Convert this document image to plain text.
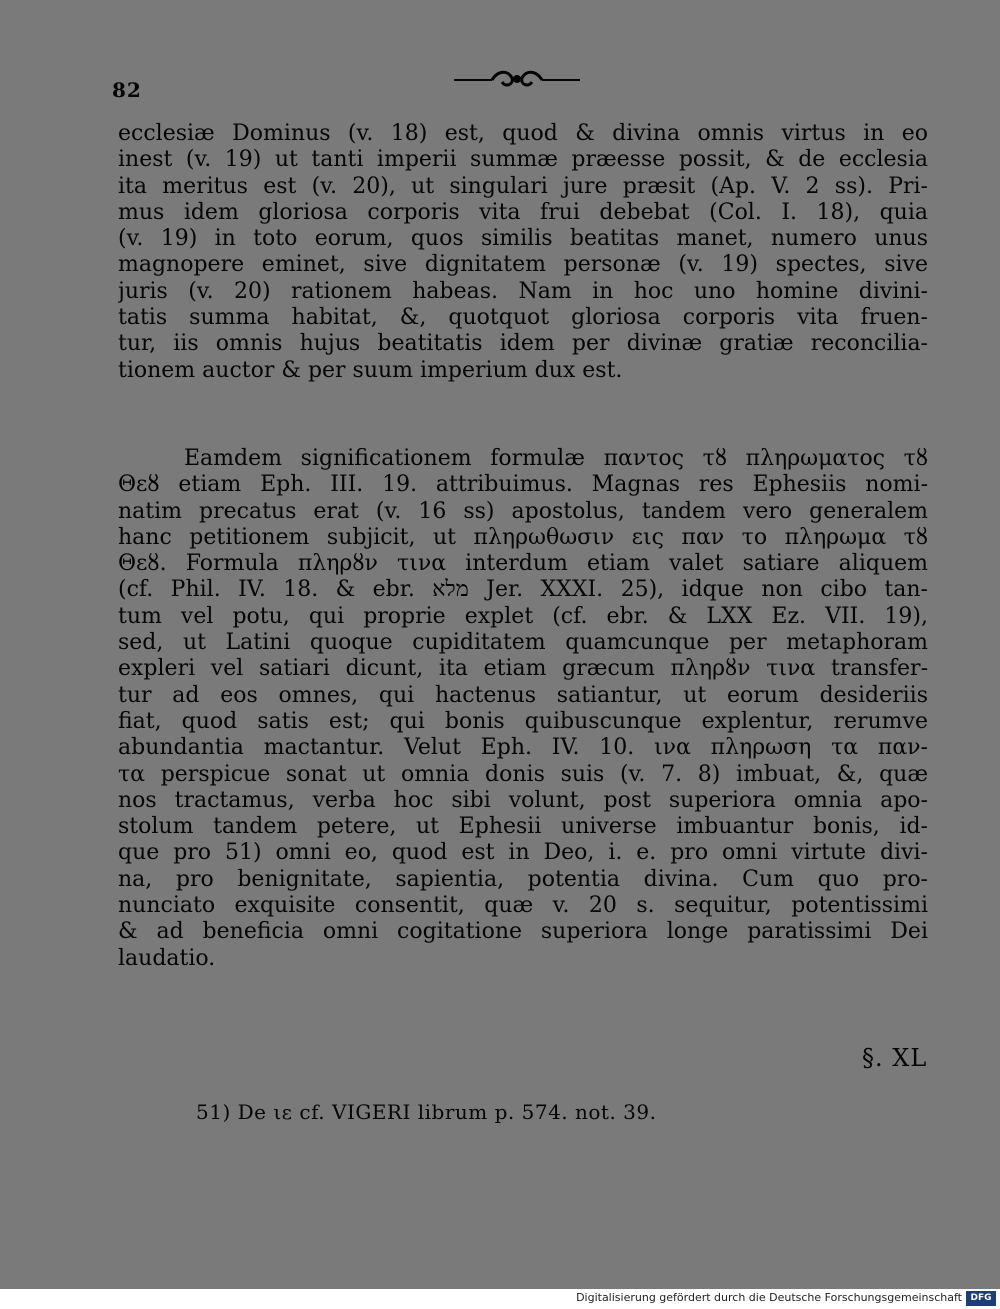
82
ecclesiæ Dominus (v. 18) est, quod & divina omnis virtus in eo
inest (v. 19) ut tanti imperii summæ præesse possit, & de ecclesia
ita meritus est (v. 20), ut singulari jure præsit (Ap. V. 2 ss). Pri-
mus idem gloriosa corporis vita frui debebat (Col. I. 18), quia
(v. 19) in toto eorum, quos similis beatitas manet, numero unus
magnopere eminet, sive dignitatem personæ (v. 19) spectes, sive
juris (v. 20) rationem habeas. Nam in hoc uno homine divini-
tatis summa habitat, &, quotquot gloriosa corporis vita fruen-
tur, iis omnis hujus beatitatis idem per divinæ gratiæ reconcilia-
tionem auctor & per suum imperium dux est.
Eamdem significationem formulæ παντος τȣ πληρωματος τȣ
Θεȣ etiam Eph. III. 19. attribuimus. Magnas res Ephesiis nomi-
natim precatus erat (v. 16 ss) apostolus, tandem vero generalem
hanc petitionem subjicit, ut πληρωθωσιν εις παν το πληρωμα τȣ
Θεȣ. Formula πληρȣν τινα interdum etiam valet satiare aliquem
(cf. Phil. IV. 18. & ebr. מלא Jer. XXXI. 25), idque non cibo tan-
tum vel potu, qui proprie explet (cf. ebr. & LXX Ez. VII. 19),
sed, ut Latini quoque cupiditatem quamcunque per metaphoram
expleri vel satiari dicunt, ita etiam græcum πληρȣν τινα transfer-
tur ad eos omnes, qui hactenus satiantur, ut eorum desideriis
fiat, quod satis est; qui bonis quibuscunque explentur, rerumve
abundantia mactantur. Velut Eph. IV. 10. ινα πληρωση τα παν-
τα perspicue sonat ut omnia donis suis (v. 7. 8) imbuat, &, quæ
nos tractamus, verba hoc sibi volunt, post superiora omnia apo-
stolum tandem petere, ut Ephesii universe imbuantur bonis, id-
que pro 51) omni eo, quod est in Deo, i. e. pro omni virtute divi-
na, pro benignitate, sapientia, potentia divina. Cum quo pro-
nunciato exquisite consentit, quæ v. 20 s. sequitur, potentissimi
& ad beneficia omni cogitatione superiora longe paratissimi Dei
laudatio.
§. XL
51) De ιε cf. VIGERI librum p. 574. not. 39.
Digitalisierung gefördert durch die Deutsche Forschungsgemeinschaft DFG
